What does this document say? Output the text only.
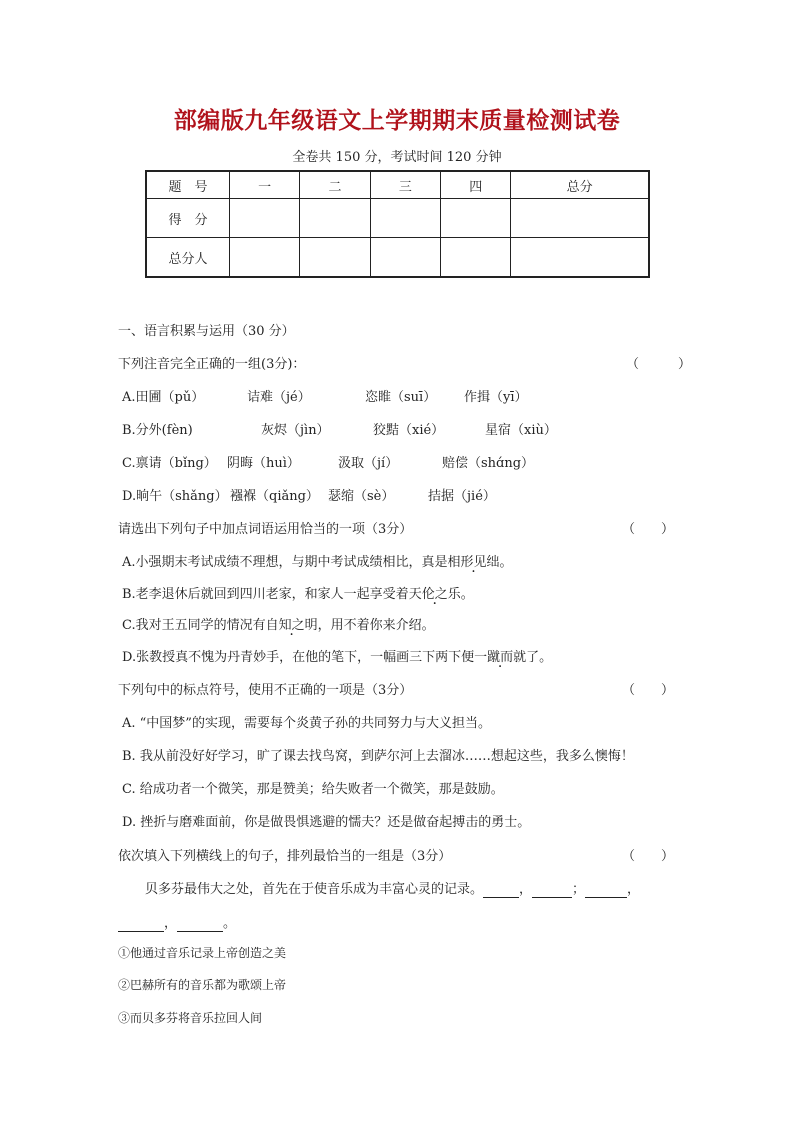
部编版九年级语文上学期期末质量检测试卷
全卷共 150 分，考试时间 120 分钟
题　号	一	二	三	四	总分
得　分					
总分人					
一、语言积累与运用（30 分）
下列注音完全正确的一组(3分)：	（　　　）
A.田圃（pǔ）	诘难（jé）	恣睢（suī） 作揖（yī）
B.分外(fèn)	灰烬（jìn）	狡黠（xié）	星宿（xiù）
C.禀请（bǐng） 阴晦（huì）	汲取（jí）	赔偿（shɑ́ng）
D.晌午（shǎng） 襁褓（qiǎng） 瑟缩（sè）	拮据（jié）
请选出下列句子中加点词语运用恰当的一项（3分）	（　　）
A.小强期末考试成绩不理想，与期中考试成绩相比，真是相形见绌。
B.老李退休后就回到四川老家，和家人一起享受着天伦之乐。
C.我对王五同学的情况有自知之明，用不着你来介绍。
D.张教授真不愧为丹青妙手，在他的笔下，一幅画三下两下便一蹴而就了。
下列句中的标点符号，使用不正确的一项是（3分）	（　　）
A. “中国梦”的实现，需要每个炎黄子孙的共同努力与大义担当。
B. 我从前没好好学习，旷了课去找鸟窝，到萨尔河上去溜冰……想起这些，我多么懊悔！
C. 给成功者一个微笑，那是赞美；给失败者一个微笑，那是鼓励。
D. 挫折与磨难面前，你是做畏惧逃避的懦夫？还是做奋起搏击的勇士。
依次填入下列横线上的句子，排列最恰当的一组是（3分）	（　　）
贝多芬最伟大之处，首先在于使音乐成为丰富心灵的记录。	，	；	，
，	。
①他通过音乐记录上帝创造之美
②巴赫所有的音乐都为歌颂上帝
③而贝多芬将音乐拉回人间
